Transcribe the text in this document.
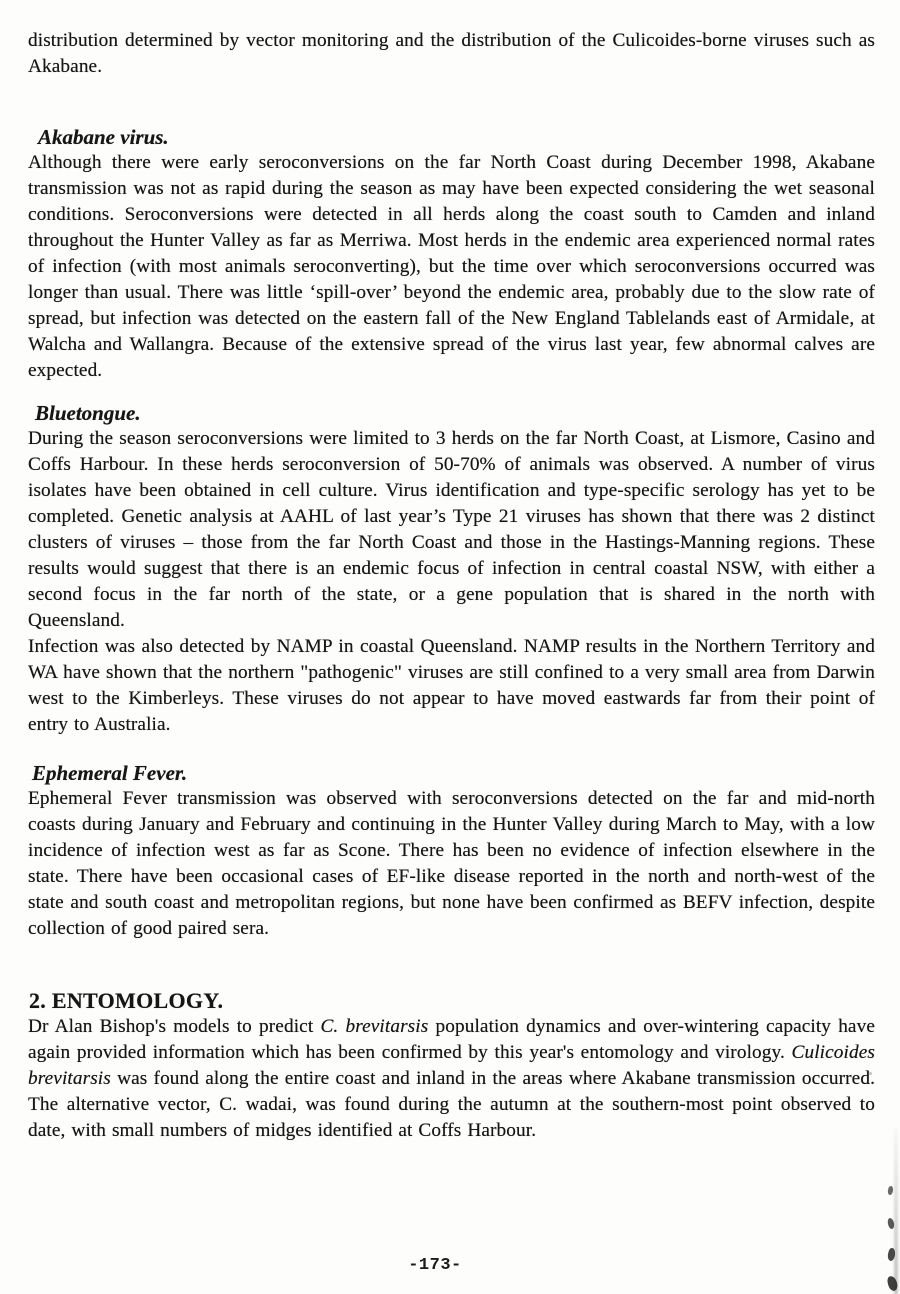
distribution determined by vector monitoring and the distribution of the Culicoides-borne viruses such as Akabane.

Akabane virus.

Although there were early seroconversions on the far North Coast during December 1998, Akabane transmission was not as rapid during the season as may have been expected considering the wet seasonal conditions. Seroconversions were detected in all herds along the coast south to Camden and inland throughout the Hunter Valley as far as Merriwa. Most herds in the endemic area experienced normal rates of infection (with most animals seroconverting), but the time over which seroconversions occurred was longer than usual. There was little ‘spill-over’ beyond the endemic area, probably due to the slow rate of spread, but infection was detected on the eastern fall of the New England Tablelands east of Armidale, at Walcha and Wallangra. Because of the extensive spread of the virus last year, few abnormal calves are expected.

Bluetongue.

During the season seroconversions were limited to 3 herds on the far North Coast, at Lismore, Casino and Coffs Harbour. In these herds seroconversion of 50-70% of animals was observed. A number of virus isolates have been obtained in cell culture. Virus identification and type-specific serology has yet to be completed. Genetic analysis at AAHL of last year’s Type 21 viruses has shown that there was 2 distinct clusters of viruses – those from the far North Coast and those in the Hastings-Manning regions. These results would suggest that there is an endemic focus of infection in central coastal NSW, with either a second focus in the far north of the state, or a gene population that is shared in the north with Queensland.

Infection was also detected by NAMP in coastal Queensland. NAMP results in the Northern Territory and WA have shown that the northern "pathogenic" viruses are still confined to a very small area from Darwin west to the Kimberleys. These viruses do not appear to have moved eastwards far from their point of entry to Australia.

Ephemeral Fever.

Ephemeral Fever transmission was observed with seroconversions detected on the far and mid-north coasts during January and February and continuing in the Hunter Valley during March to May, with a low incidence of infection west as far as Scone. There has been no evidence of infection elsewhere in the state. There have been occasional cases of EF-like disease reported in the north and north-west of the state and south coast and metropolitan regions, but none have been confirmed as BEFV infection, despite collection of good paired sera.

2. ENTOMOLOGY.

Dr Alan Bishop's models to predict C. brevitarsis population dynamics and over-wintering capacity have again provided information which has been confirmed by this year's entomology and virology. Culicoides brevitarsis was found along the entire coast and inland in the areas where Akabane transmission occurred. The alternative vector, C. wadai, was found during the autumn at the southern-most point observed to date, with small numbers of midges identified at Coffs Harbour.

-173-
